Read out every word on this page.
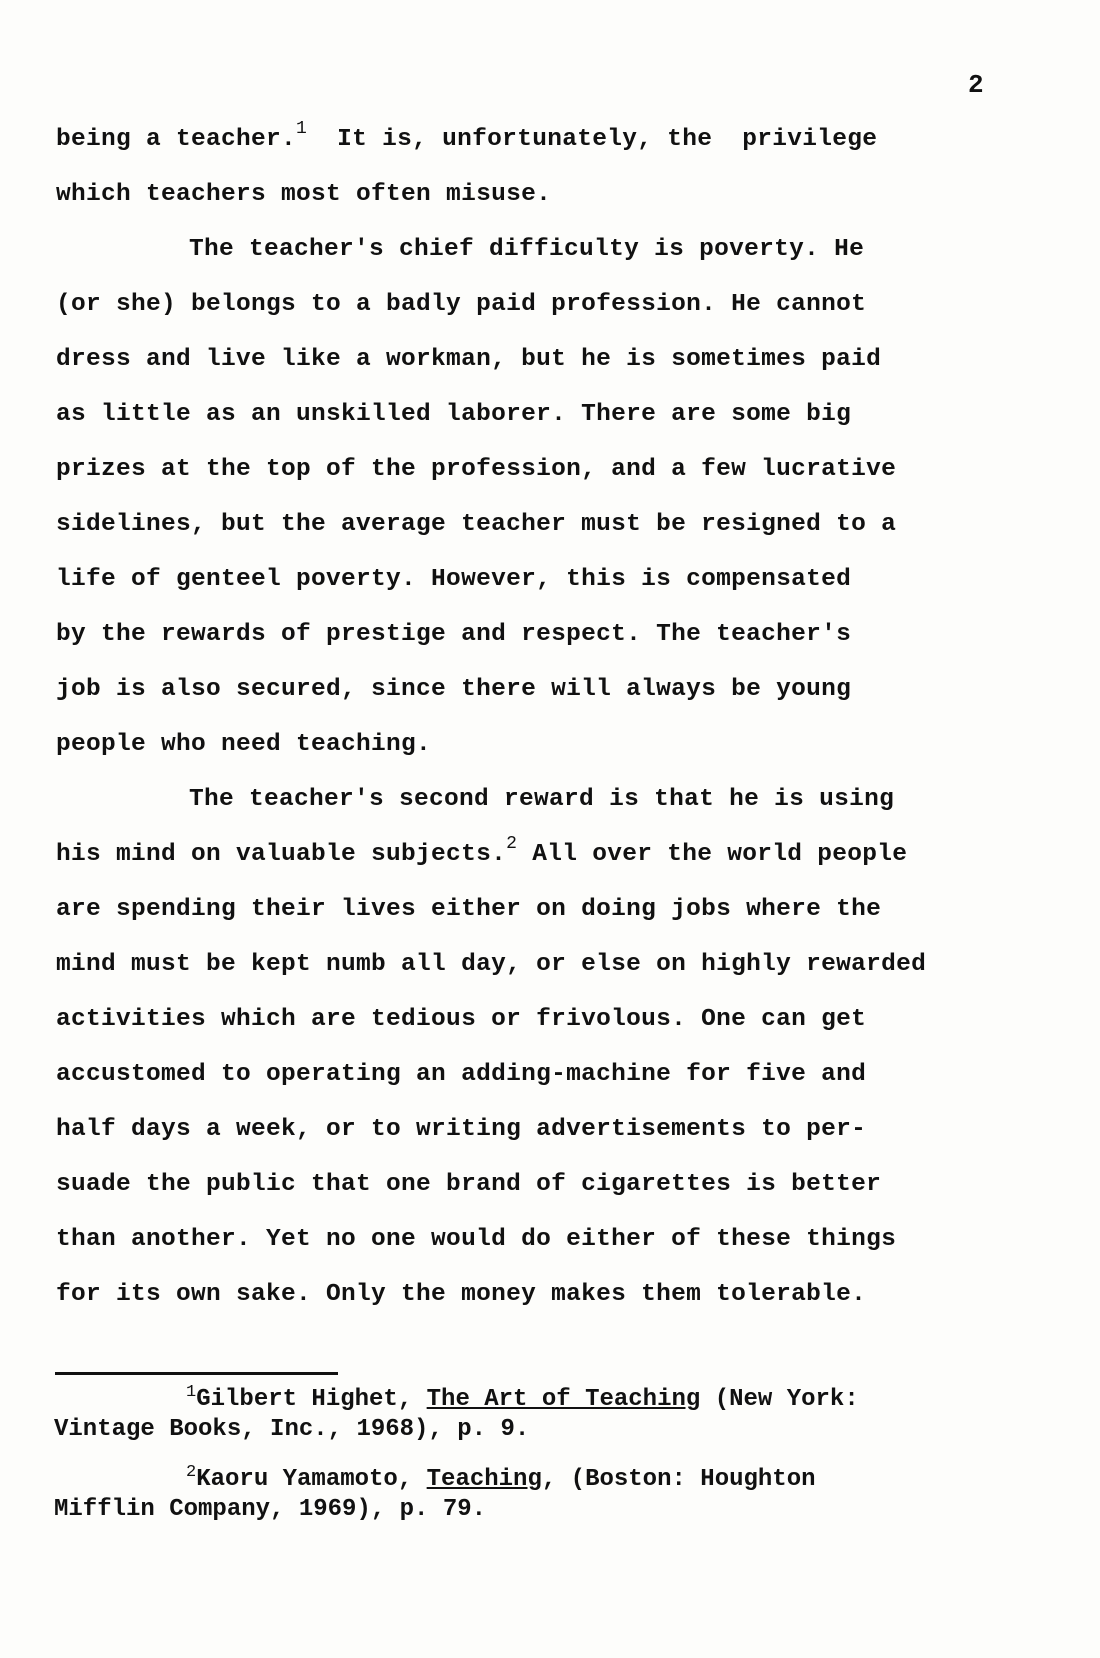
2
being a teacher.$^1$  It is, unfortunately, the  privilege
which teachers most often misuse.
The teacher's chief difficulty is poverty. He
(or she) belongs to a badly paid profession. He cannot
dress and live like a workman, but he is sometimes paid
as little as an unskilled laborer. There are some big
prizes at the top of the profession, and a few lucrative
sidelines, but the average teacher must be resigned to a
life of genteel poverty. However, this is compensated
by the rewards of prestige and respect. The teacher's
job is also secured, since there will always be young
people who need teaching.
The teacher's second reward is that he is using
his mind on valuable subjects.$^2$ All over the world people
are spending their lives either on doing jobs where the
mind must be kept numb all day, or else on highly rewarded
activities which are tedious or frivolous. One can get
accustomed to operating an adding-machine for five and
half days a week, or to writing advertisements to per-
suade the public that one brand of cigarettes is better
than another. Yet no one would do either of these things
for its own sake. Only the money makes them tolerable.
$^1$Gilbert Highet, The Art of Teaching (New York:
Vintage Books, Inc., 1968), p. 9.
$^2$Kaoru Yamamoto, Teaching, (Boston: Houghton
Mifflin Company, 1969), p. 79.
